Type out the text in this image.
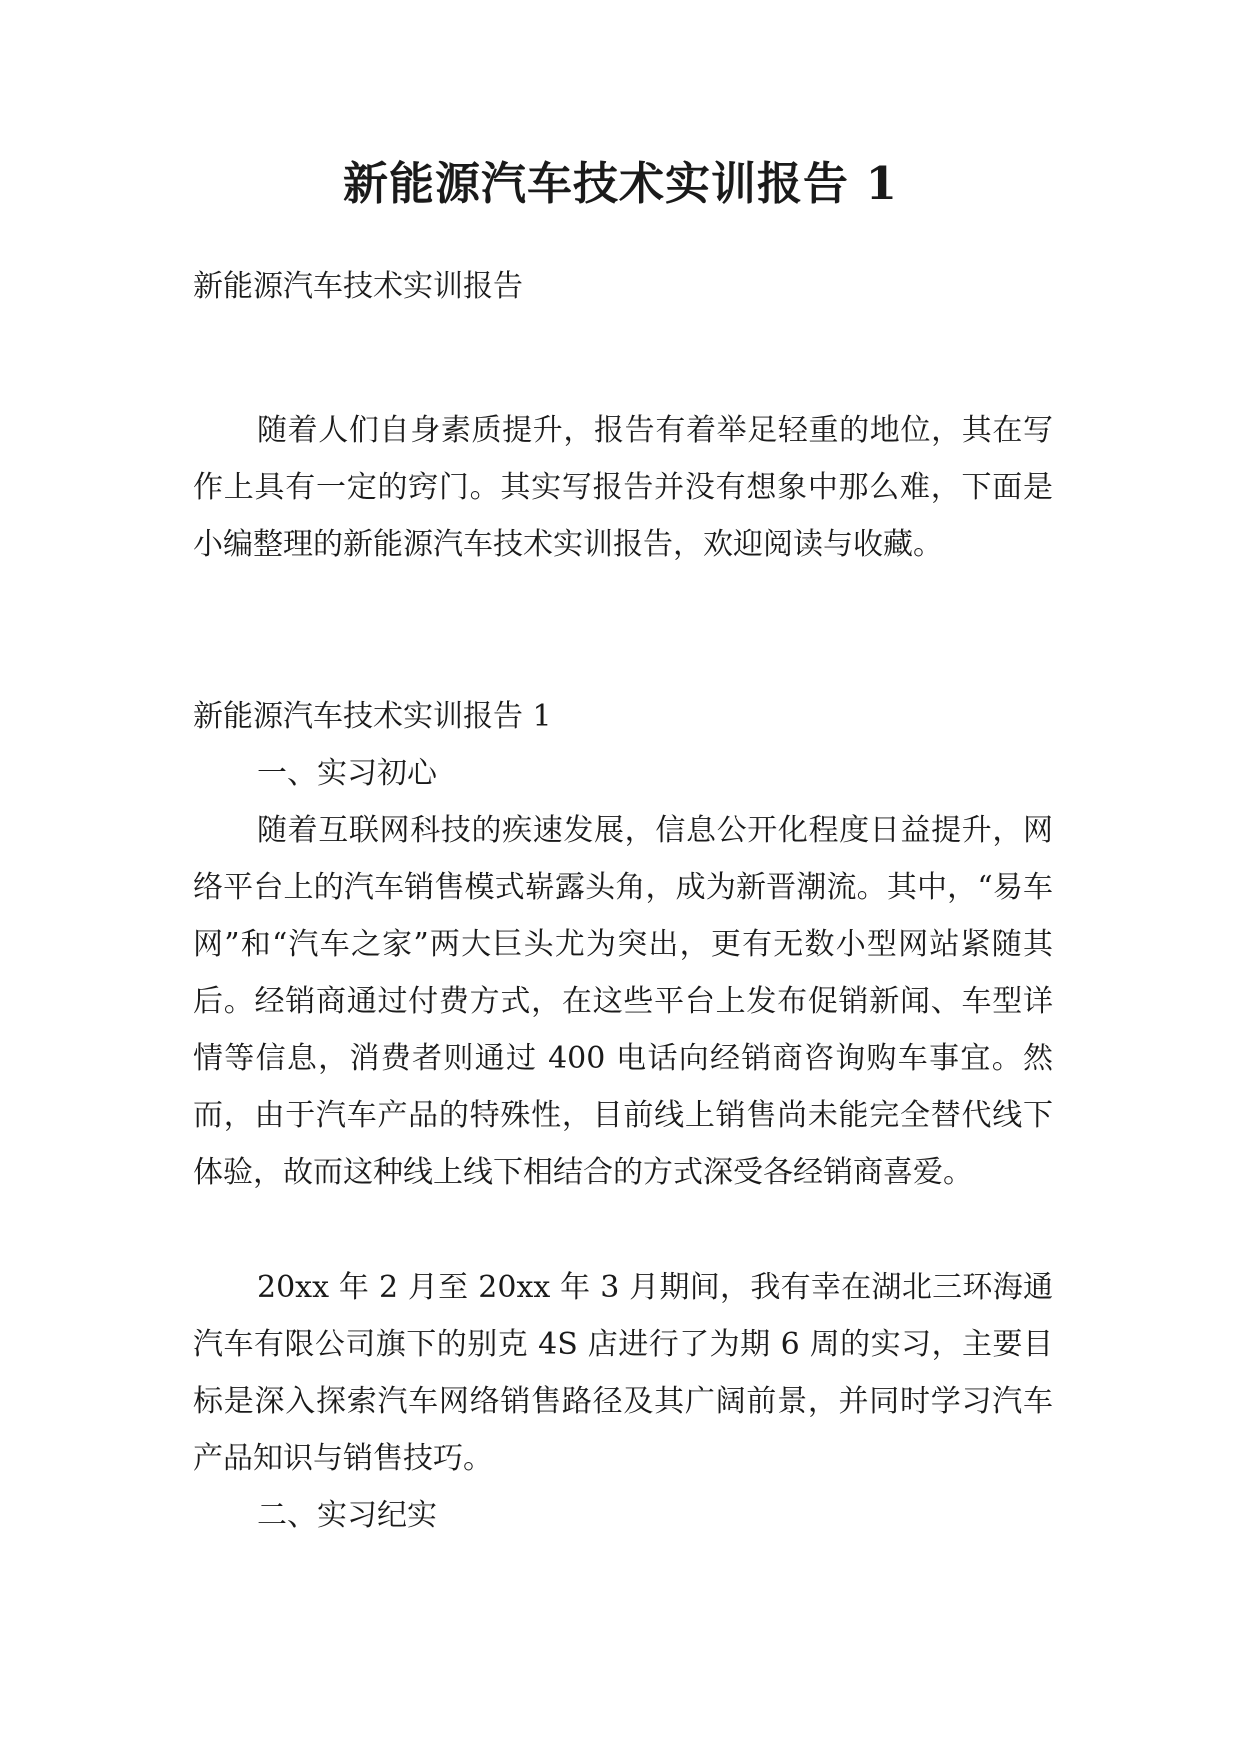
新能源汽车技术实训报告 1

新能源汽车技术实训报告

随着人们自身素质提升，报告有着举足轻重的地位，其在写作上具有一定的窍门。其实写报告并没有想象中那么难，下面是小编整理的新能源汽车技术实训报告，欢迎阅读与收藏。

新能源汽车技术实训报告 1

一、实习初心

随着互联网科技的疾速发展，信息公开化程度日益提升，网络平台上的汽车销售模式崭露头角，成为新晋潮流。其中，“易车网”和“汽车之家”两大巨头尤为突出，更有无数小型网站紧随其后。经销商通过付费方式，在这些平台上发布促销新闻、车型详情等信息，消费者则通过 400 电话向经销商咨询购车事宜。然而，由于汽车产品的特殊性，目前线上销售尚未能完全替代线下体验，故而这种线上线下相结合的方式深受各经销商喜爱。

20xx 年 2 月至 20xx 年 3 月期间，我有幸在湖北三环海通汽车有限公司旗下的别克 4S 店进行了为期 6 周的实习，主要目标是深入探索汽车网络销售路径及其广阔前景，并同时学习汽车产品知识与销售技巧。

二、实习纪实
